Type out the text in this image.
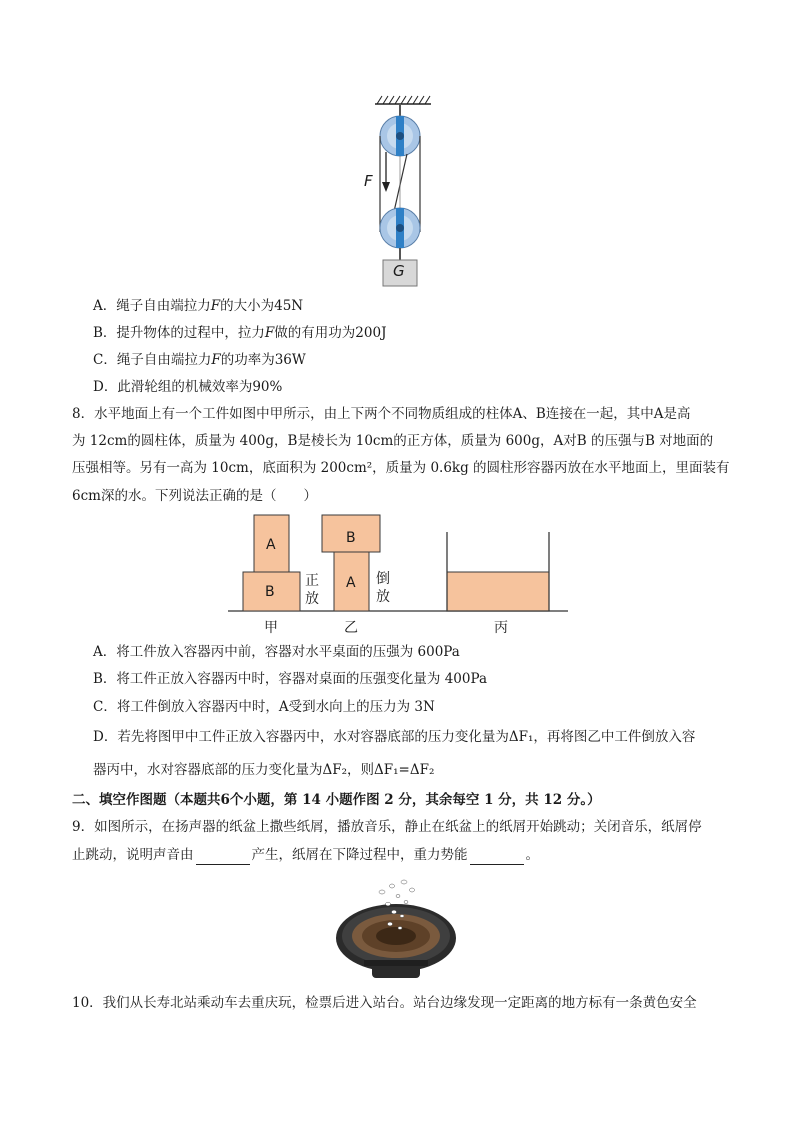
F
G
A．绳子自由端拉力F的大小为45N
B．提升物体的过程中，拉力F做的有用功为200J
C．绳子自由端拉力F的功率为36W
D．此滑轮组的机械效率为90%
8．水平地面上有一个工件如图中甲所示，由上下两个不同物质组成的柱体A、B连接在一起，其中A是高
为 12cm的圆柱体，质量为 400g，B是棱长为 10cm的正方体，质量为 600g，A对B 的压强与B 对地面的
压强相等。另有一高为 10cm，底面积为 200cm²，质量为 0.6kg 的圆柱形容器丙放在水平地面上，里面装有
6cm深的水。下列说法正确的是（　　）
A
B
B
A
正放
倒放
甲	乙	丙
A．将工件放入容器丙中前，容器对水平桌面的压强为 600Pa
B．将工件正放入容器丙中时，容器对桌面的压强变化量为 400Pa
C．将工件倒放入容器丙中时，A受到水向上的压力为 3N
D．若先将图甲中工件正放入容器丙中，水对容器底部的压力变化量为ΔF₁，再将图乙中工件倒放入容
器丙中，水对容器底部的压力变化量为ΔF₂，则ΔF₁=ΔF₂
二、填空作图题（本题共6个小题，第 14 小题作图 2 分，其余每空 1 分，共 12 分。）
9．如图所示，在扬声器的纸盆上撒些纸屑，播放音乐，静止在纸盆上的纸屑开始跳动；关闭音乐，纸屑停
止跳动，说明声音由	产生，纸屑在下降过程中，重力势能	。
10．我们从长寿北站乘动车去重庆玩，检票后进入站台。站台边缘发现一定距离的地方标有一条黄色安全
